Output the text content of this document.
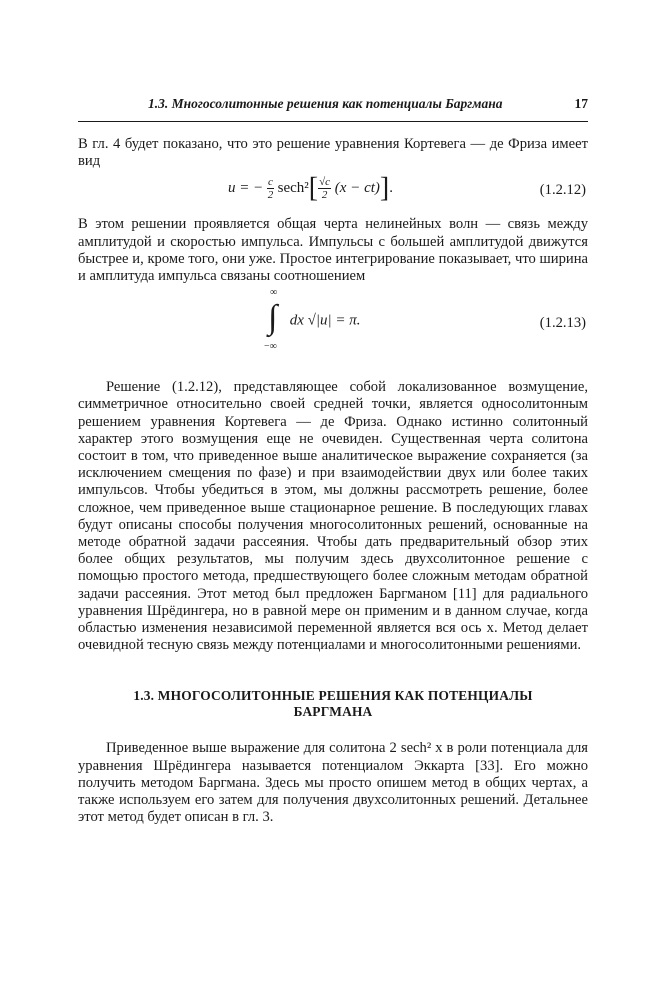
1.3. Многосолитонные решения как потенциалы Баргмана	17

В гл. 4 будет показано, что это решение уравнения Кортевега — де Фриза имеет вид

u = − $\frac{c}{2} \sec h^2[ \frac{√c}{2} (x - ct)]$.	(1.2.12)

В этом решении проявляется общая черта нелинейных волн — связь между амплитудой и скоростью импульса. Импульсы с большей амплитудой движутся быстрее и, кроме того, они уже. Простое интегрирование показывает, что ширина и амплитуда импульса связаны соотношением

∞
∫
−∞
dx √|u| = π.	(1.2.13)

Решение (1.2.12), представляющее собой локализованное возмущение, симметричное относительно своей средней точки, является односолитонным решением уравнения Кортевега — де Фриза. Однако истинно солитонный характер этого возмущения еще не очевиден. Существенная черта солитона состоит в том, что приведенное выше аналитическое выражение сохраняется (за исключением смещения по фазе) и при взаимодействии двух или более таких импульсов. Чтобы убедиться в этом, мы должны рассмотреть решение, более сложное, чем приведенное выше стационарное решение. В последующих главах будут описаны способы получения многосолитонных решений, основанные на методе обратной задачи рассеяния. Чтобы дать предварительный обзор этих более общих результатов, мы получим здесь двухсолитонное решение с помощью простого метода, предшествующего более сложным методам обратной задачи рассеяния. Этот метод был предложен Баргманом [11] для радиального уравнения Шрёдингера, но в равной мере он применим и в данном случае, когда областью изменения независимой переменной является вся ось x. Метод делает очевидной тесную связь между потенциалами и многосолитонными решениями.

1.3. МНОГОСОЛИТОННЫЕ РЕШЕНИЯ КАК ПОТЕНЦИАЛЫ БАРГМАНА

Приведенное выше выражение для солитона 2 sech² x в роли потенциала для уравнения Шрёдингера называется потенциалом Эккарта [33]. Его можно получить методом Баргмана. Здесь мы просто опишем метод в общих чертах, а также используем его затем для получения двухсолитонных решений. Детальнее этот метод будет описан в гл. 3.
